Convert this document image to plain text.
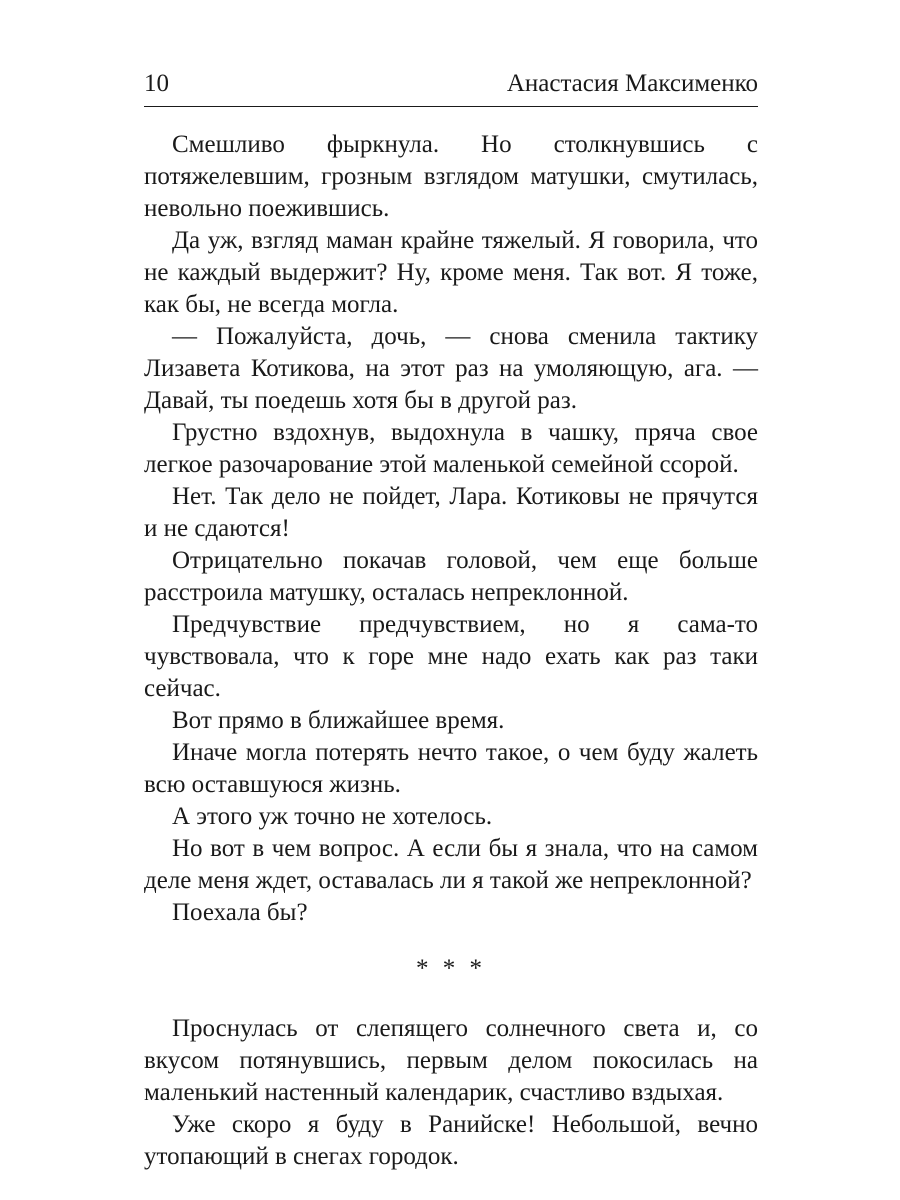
10	Анастасия Максименко

Смешливо фыркнула. Но столкнувшись с потяжелевшим, грозным взглядом матушки, смутилась, невольно поежившись.

Да уж, взгляд маман крайне тяжелый. Я говорила, что не каждый выдержит? Ну, кроме меня. Так вот. Я тоже, как бы, не всегда могла.

— Пожалуйста, дочь, — снова сменила тактику Лизавета Котикова, на этот раз на умоляющую, ага. — Давай, ты поедешь хотя бы в другой раз.

Грустно вздохнув, выдохнула в чашку, пряча свое легкое разочарование этой маленькой семейной ссорой.

Нет. Так дело не пойдет, Лара. Котиковы не прячутся и не сдаются!

Отрицательно покачав головой, чем еще больше расстроила матушку, осталась непреклонной.

Предчувствие предчувствием, но я сама-то чувствовала, что к горе мне надо ехать как раз таки сейчас.

Вот прямо в ближайшее время.

Иначе могла потерять нечто такое, о чем буду жалеть всю оставшуюся жизнь.

А этого уж точно не хотелось.

Но вот в чем вопрос. А если бы я знала, что на самом деле меня ждет, оставалась ли я такой же непреклонной?

Поехала бы?

* * *

Проснулась от слепящего солнечного света и, со вкусом потянувшись, первым делом покосилась на маленький настенный календарик, счастливо вздыхая.

Уже скоро я буду в Ранийске! Небольшой, вечно утопающий в снегах городок.
